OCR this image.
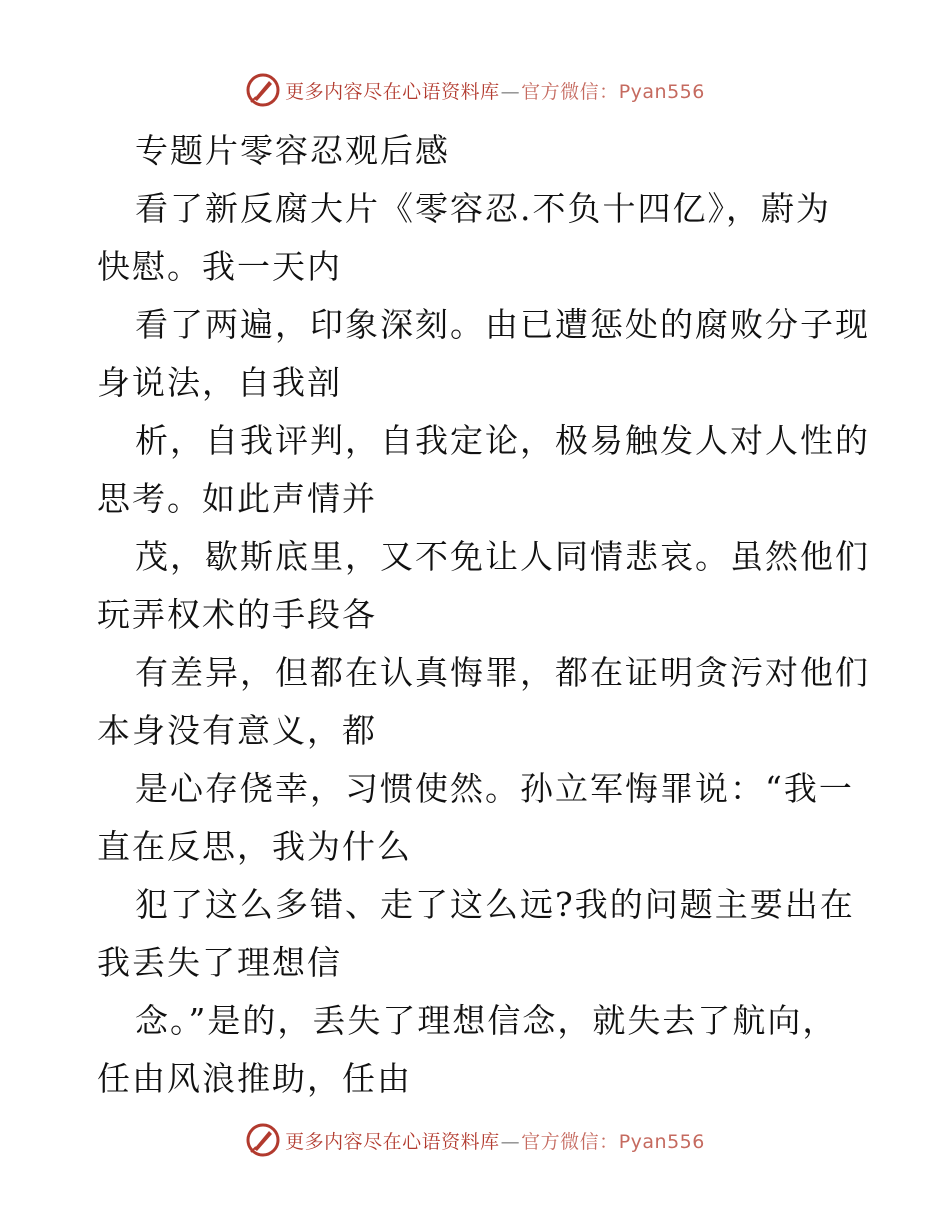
更多内容尽在心语资料库—官方微信：Pyan556
专题片零容忍观后感
看了新反腐大片《零容忍.不负十四亿》，蔚为
快慰。我一天内
看了两遍，印象深刻。由已遭惩处的腐败分子现
身说法，自我剖
析，自我评判，自我定论，极易触发人对人性的
思考。如此声情并
茂，歇斯底里，又不免让人同情悲哀。虽然他们
玩弄权术的手段各
有差异，但都在认真悔罪，都在证明贪污对他们
本身没有意义，都
是心存侥幸，习惯使然。孙立军悔罪说：“我一
直在反思，我为什么
犯了这么多错、走了这么远?我的问题主要出在
我丢失了理想信
念。”是的，丢失了理想信念，就失去了航向，
任由风浪推助，任由
更多内容尽在心语资料库—官方微信：Pyan556
